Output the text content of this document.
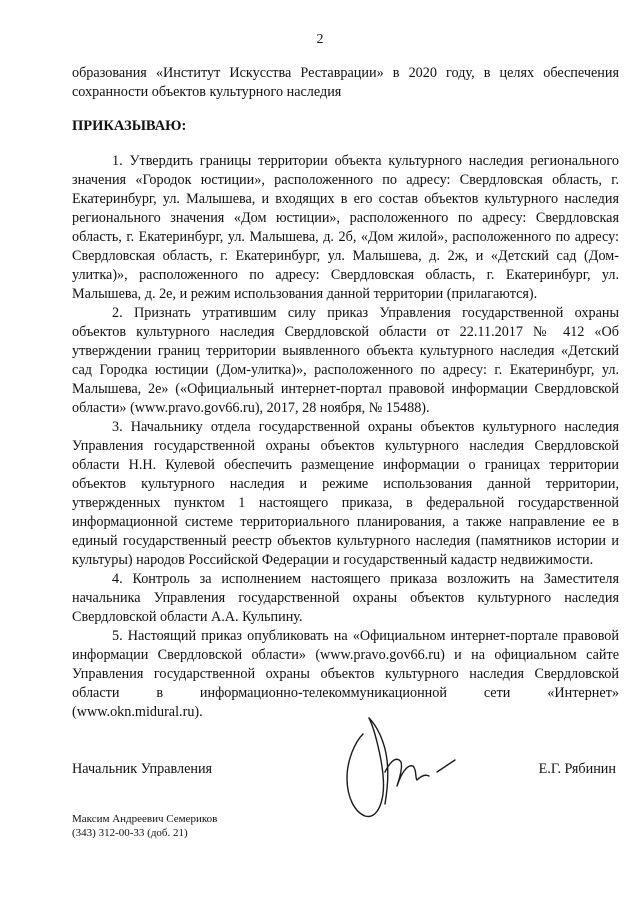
2

образования «Институт Искусства Реставрации» в 2020 году, в целях обеспечения сохранности объектов культурного наследия

ПРИКАЗЫВАЮ:

1. Утвердить границы территории объекта культурного наследия регионального значения «Городок юстиции», расположенного по адресу: Свердловская область, г. Екатеринбург, ул. Малышева, и входящих в его состав объектов культурного наследия регионального значения «Дом юстиции», расположенного по адресу: Свердловская область, г. Екатеринбург, ул. Малышева, д. 2б, «Дом жилой», расположенного по адресу: Свердловская область, г. Екатеринбург, ул. Малышева, д. 2ж, и «Детский сад (Дом-улитка)», расположенного по адресу: Свердловская область, г. Екатеринбург, ул. Малышева, д. 2е, и режим использования данной территории (прилагаются).

2. Признать утратившим силу приказ Управления государственной охраны объектов культурного наследия Свердловской области от 22.11.2017 № 412 «Об утверждении границ территории выявленного объекта культурного наследия «Детский сад Городка юстиции (Дом-улитка)», расположенного по адресу: г. Екатеринбург, ул. Малышева, 2е» («Официальный интернет-портал правовой информации Свердловской области» (www.pravo.gov66.ru), 2017, 28 ноября, № 15488).

3. Начальнику отдела государственной охраны объектов культурного наследия Управления государственной охраны объектов культурного наследия Свердловской области Н.Н. Кулевой обеспечить размещение информации о границах территории объектов культурного наследия и режиме использования данной территории, утвержденных пунктом 1 настоящего приказа, в федеральной государственной информационной системе территориального планирования, а также направление ее в единый государственный реестр объектов культурного наследия (памятников истории и культуры) народов Российской Федерации и государственный кадастр недвижимости.

4. Контроль за исполнением настоящего приказа возложить на Заместителя начальника Управления государственной охраны объектов культурного наследия Свердловской области А.А. Кульпину.

5. Настоящий приказ опубликовать на «Официальном интернет-портале правовой информации Свердловской области» (www.pravo.gov66.ru) и на официальном сайте Управления государственной охраны объектов культурного наследия Свердловской области в информационно-телекоммуникационной сети «Интернет» (www.okn.midural.ru).

Начальник Управления	Е.Г. Рябинин
Максим Андреевич Семериков
(343) 312-00-33 (доб. 21)
